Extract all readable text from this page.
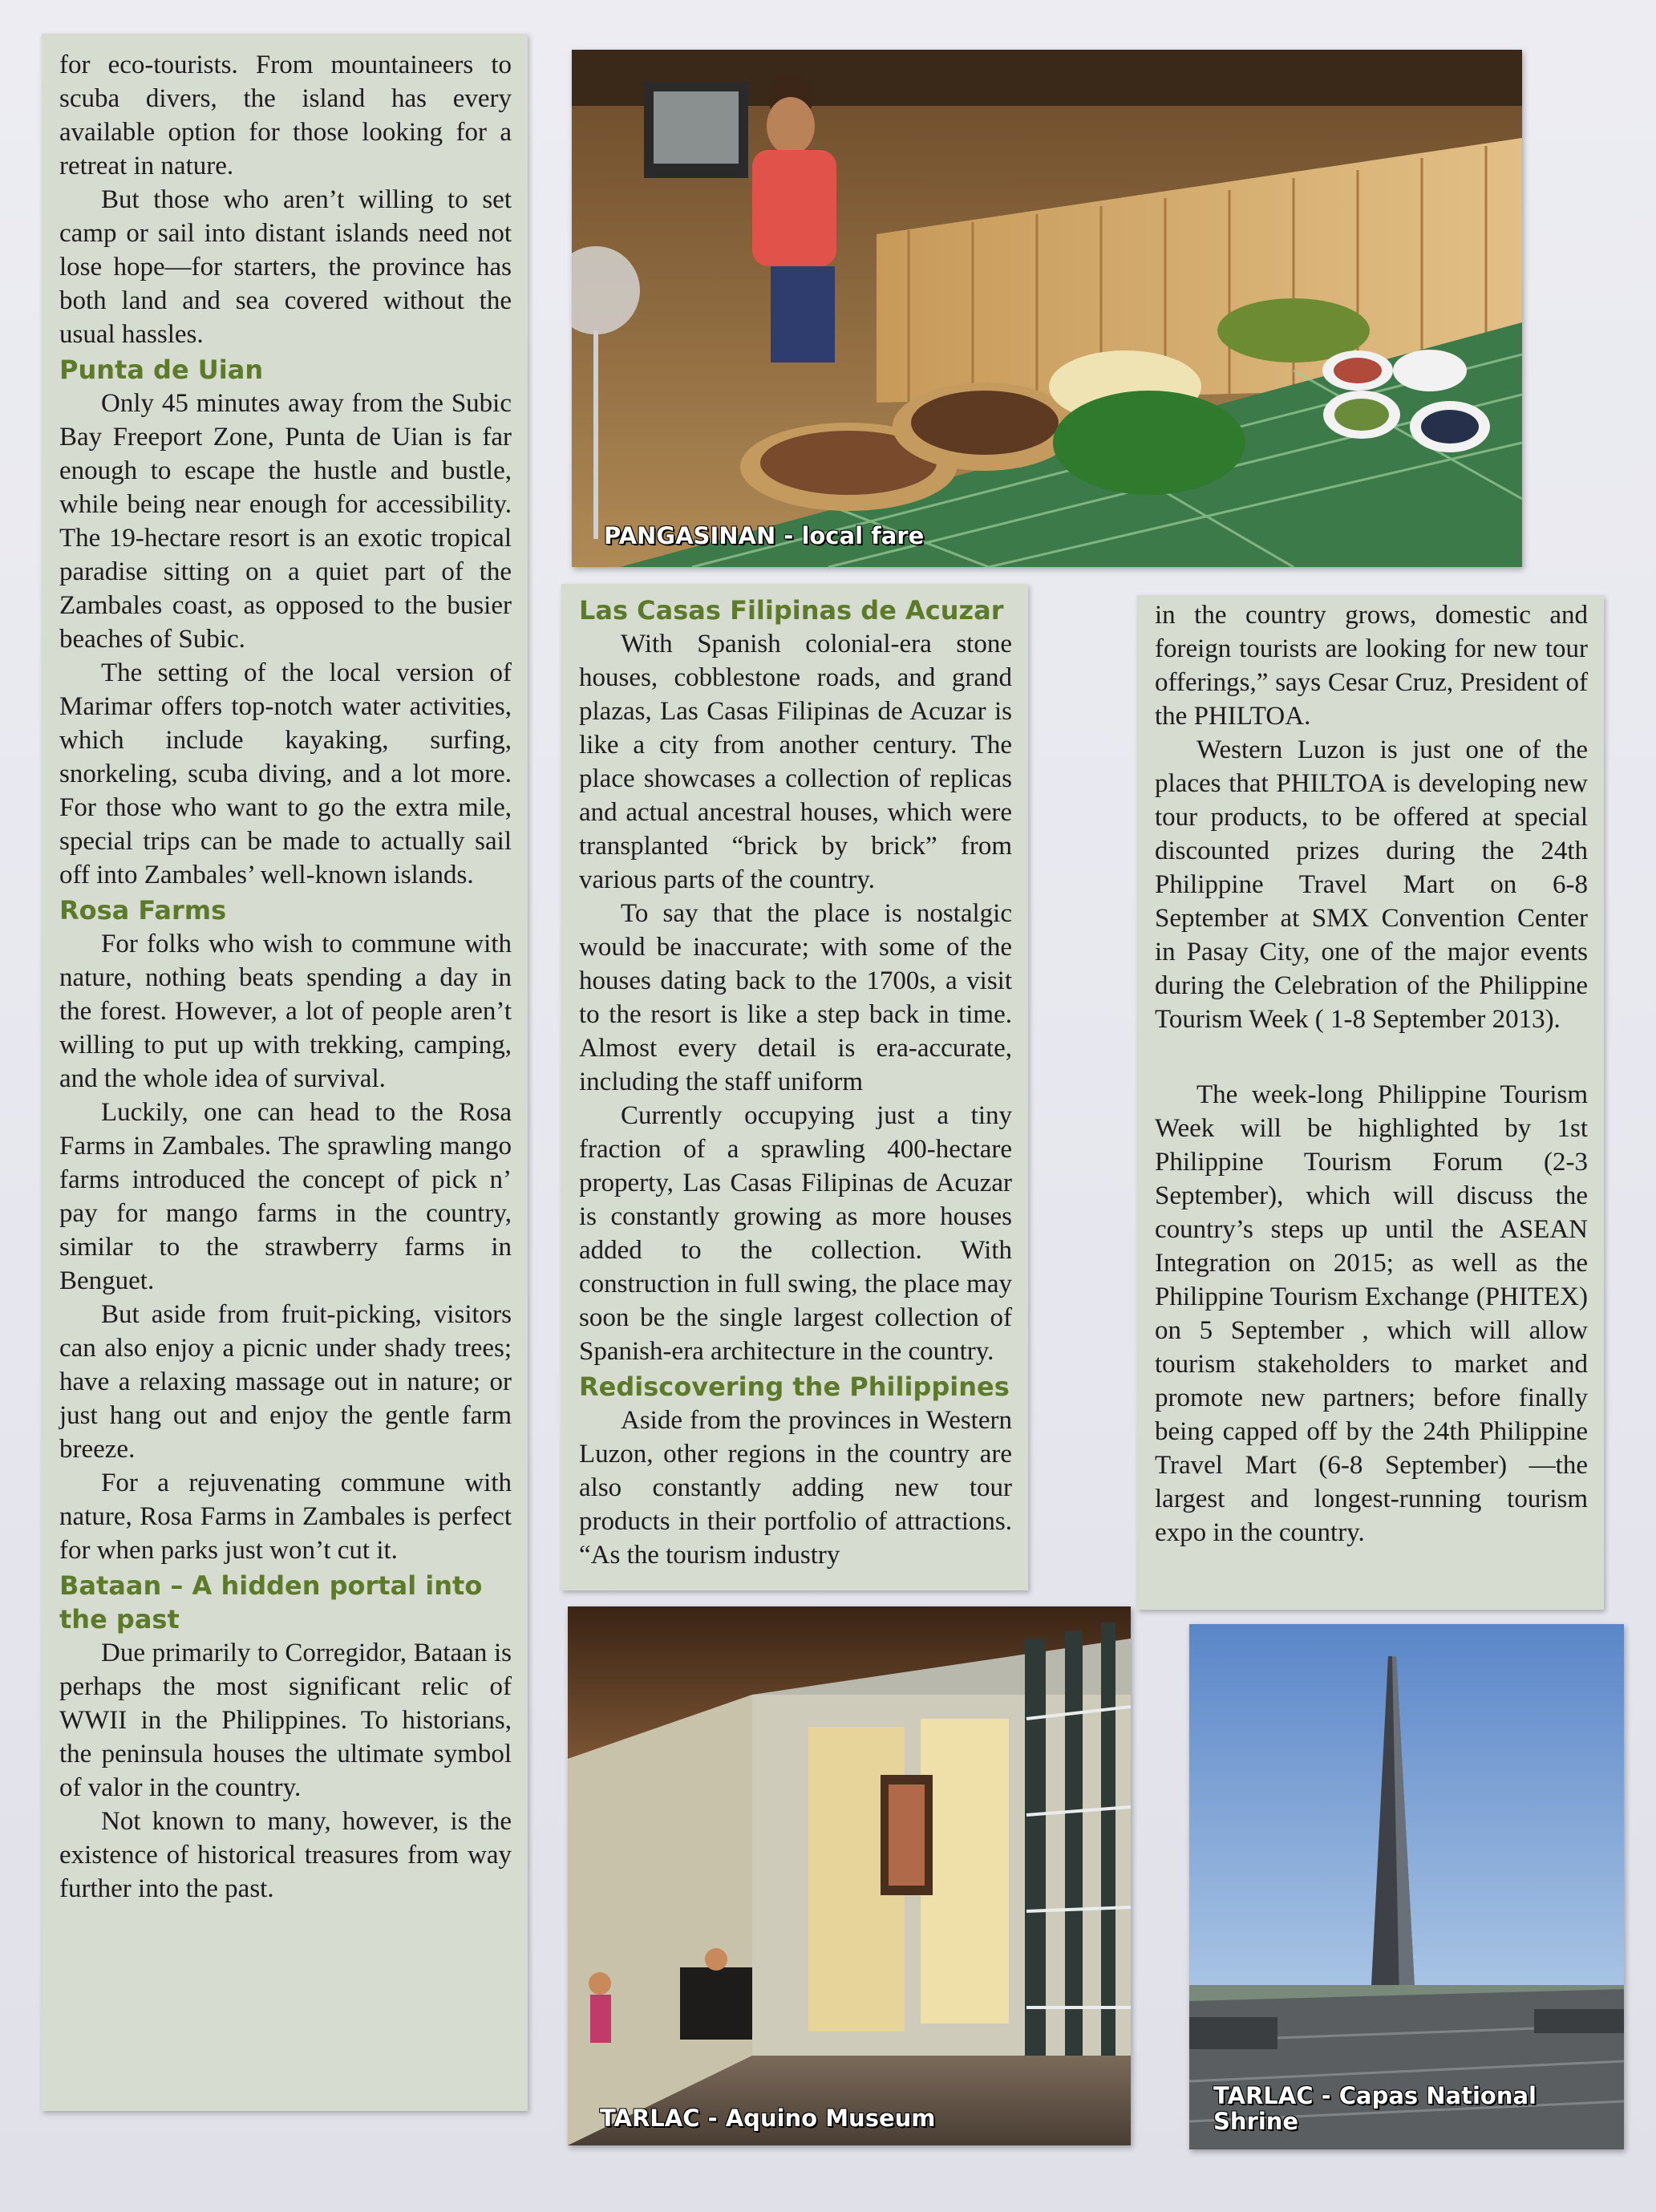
for eco-tourists. From mountaineers to scuba divers, the island has every available option for those looking for a retreat in nature.

But those who aren’t willing to set camp or sail into distant islands need not lose hope—for starters, the province has both land and sea covered without the usual hassles.

Punta de Uian

Only 45 minutes away from the Subic Bay Freeport Zone, Punta de Uian is far enough to escape the hustle and bustle, while being near enough for accessibility. The 19-hectare resort is an exotic tropical paradise sitting on a quiet part of the Zambales coast, as opposed to the busier beaches of Subic.

The setting of the local version of Marimar offers top-notch water activities, which include kayaking, surfing, snorkeling, scuba diving, and a lot more. For those who want to go the extra mile, special trips can be made to actually sail off into Zambales’ well-known islands.

Rosa Farms

For folks who wish to commune with nature, nothing beats spending a day in the forest. However, a lot of people aren’t willing to put up with trekking, camping, and the whole idea of survival.

Luckily, one can head to the Rosa Farms in Zambales. The sprawling mango farms introduced the concept of pick n’ pay for mango farms in the country, similar to the strawberry farms in Benguet.

But aside from fruit-picking, visitors can also enjoy a picnic under shady trees; have a relaxing massage out in nature; or just hang out and enjoy the gentle farm breeze.

For a rejuvenating commune with nature, Rosa Farms in Zambales is perfect for when parks just won’t cut it.

Bataan – A hidden portal into the past

Due primarily to Corregidor, Bataan is perhaps the most significant relic of WWII in the Philippines. To historians, the peninsula houses the ultimate symbol of valor in the country.

Not known to many, however, is the existence of historical treasures from way further into the past.

Las Casas Filipinas de Acuzar

With Spanish colonial-era stone houses, cobblestone roads, and grand plazas, Las Casas Filipinas de Acuzar is like a city from another century. The place showcases a collection of replicas and actual ancestral houses, which were transplanted “brick by brick” from various parts of the country.

To say that the place is nostalgic would be inaccurate; with some of the houses dating back to the 1700s, a visit to the resort is like a step back in time. Almost every detail is era-accurate, including the staff uniform

Currently occupying just a tiny fraction of a sprawling 400-hectare property, Las Casas Filipinas de Acuzar is constantly growing as more houses added to the collection. With construction in full swing, the place may soon be the single largest collection of Spanish-era architecture in the country.

Rediscovering the Philippines

Aside from the provinces in Western Luzon, other regions in the country are also constantly adding new tour products in their portfolio of attractions. “As the tourism industry

in the country grows, domestic and foreign tourists are looking for new tour offerings,” says Cesar Cruz, President of the PHILTOA.

Western Luzon is just one of the places that PHILTOA is developing new tour products, to be offered at special discounted prizes during the 24th Philippine Travel Mart on 6-8 September at SMX Convention Center in Pasay City, one of the major events during the Celebration of the Philippine Tourism Week ( 1-8 September 2013).

The week-long Philippine Tourism Week will be highlighted by 1st Philippine Tourism Forum (2-3 September), which will discuss the country’s steps up until the ASEAN Integration on 2015; as well as the Philippine Tourism Exchange (PHITEX) on 5 September , which will allow tourism stakeholders to market and promote new partners; before finally being capped off by the 24th Philippine Travel Mart (6-8 September) —the largest and longest-running tourism expo in the country.

PANGASINAN - local fare
TARLAC - Aquino Museum
TARLAC - Capas National Shrine
